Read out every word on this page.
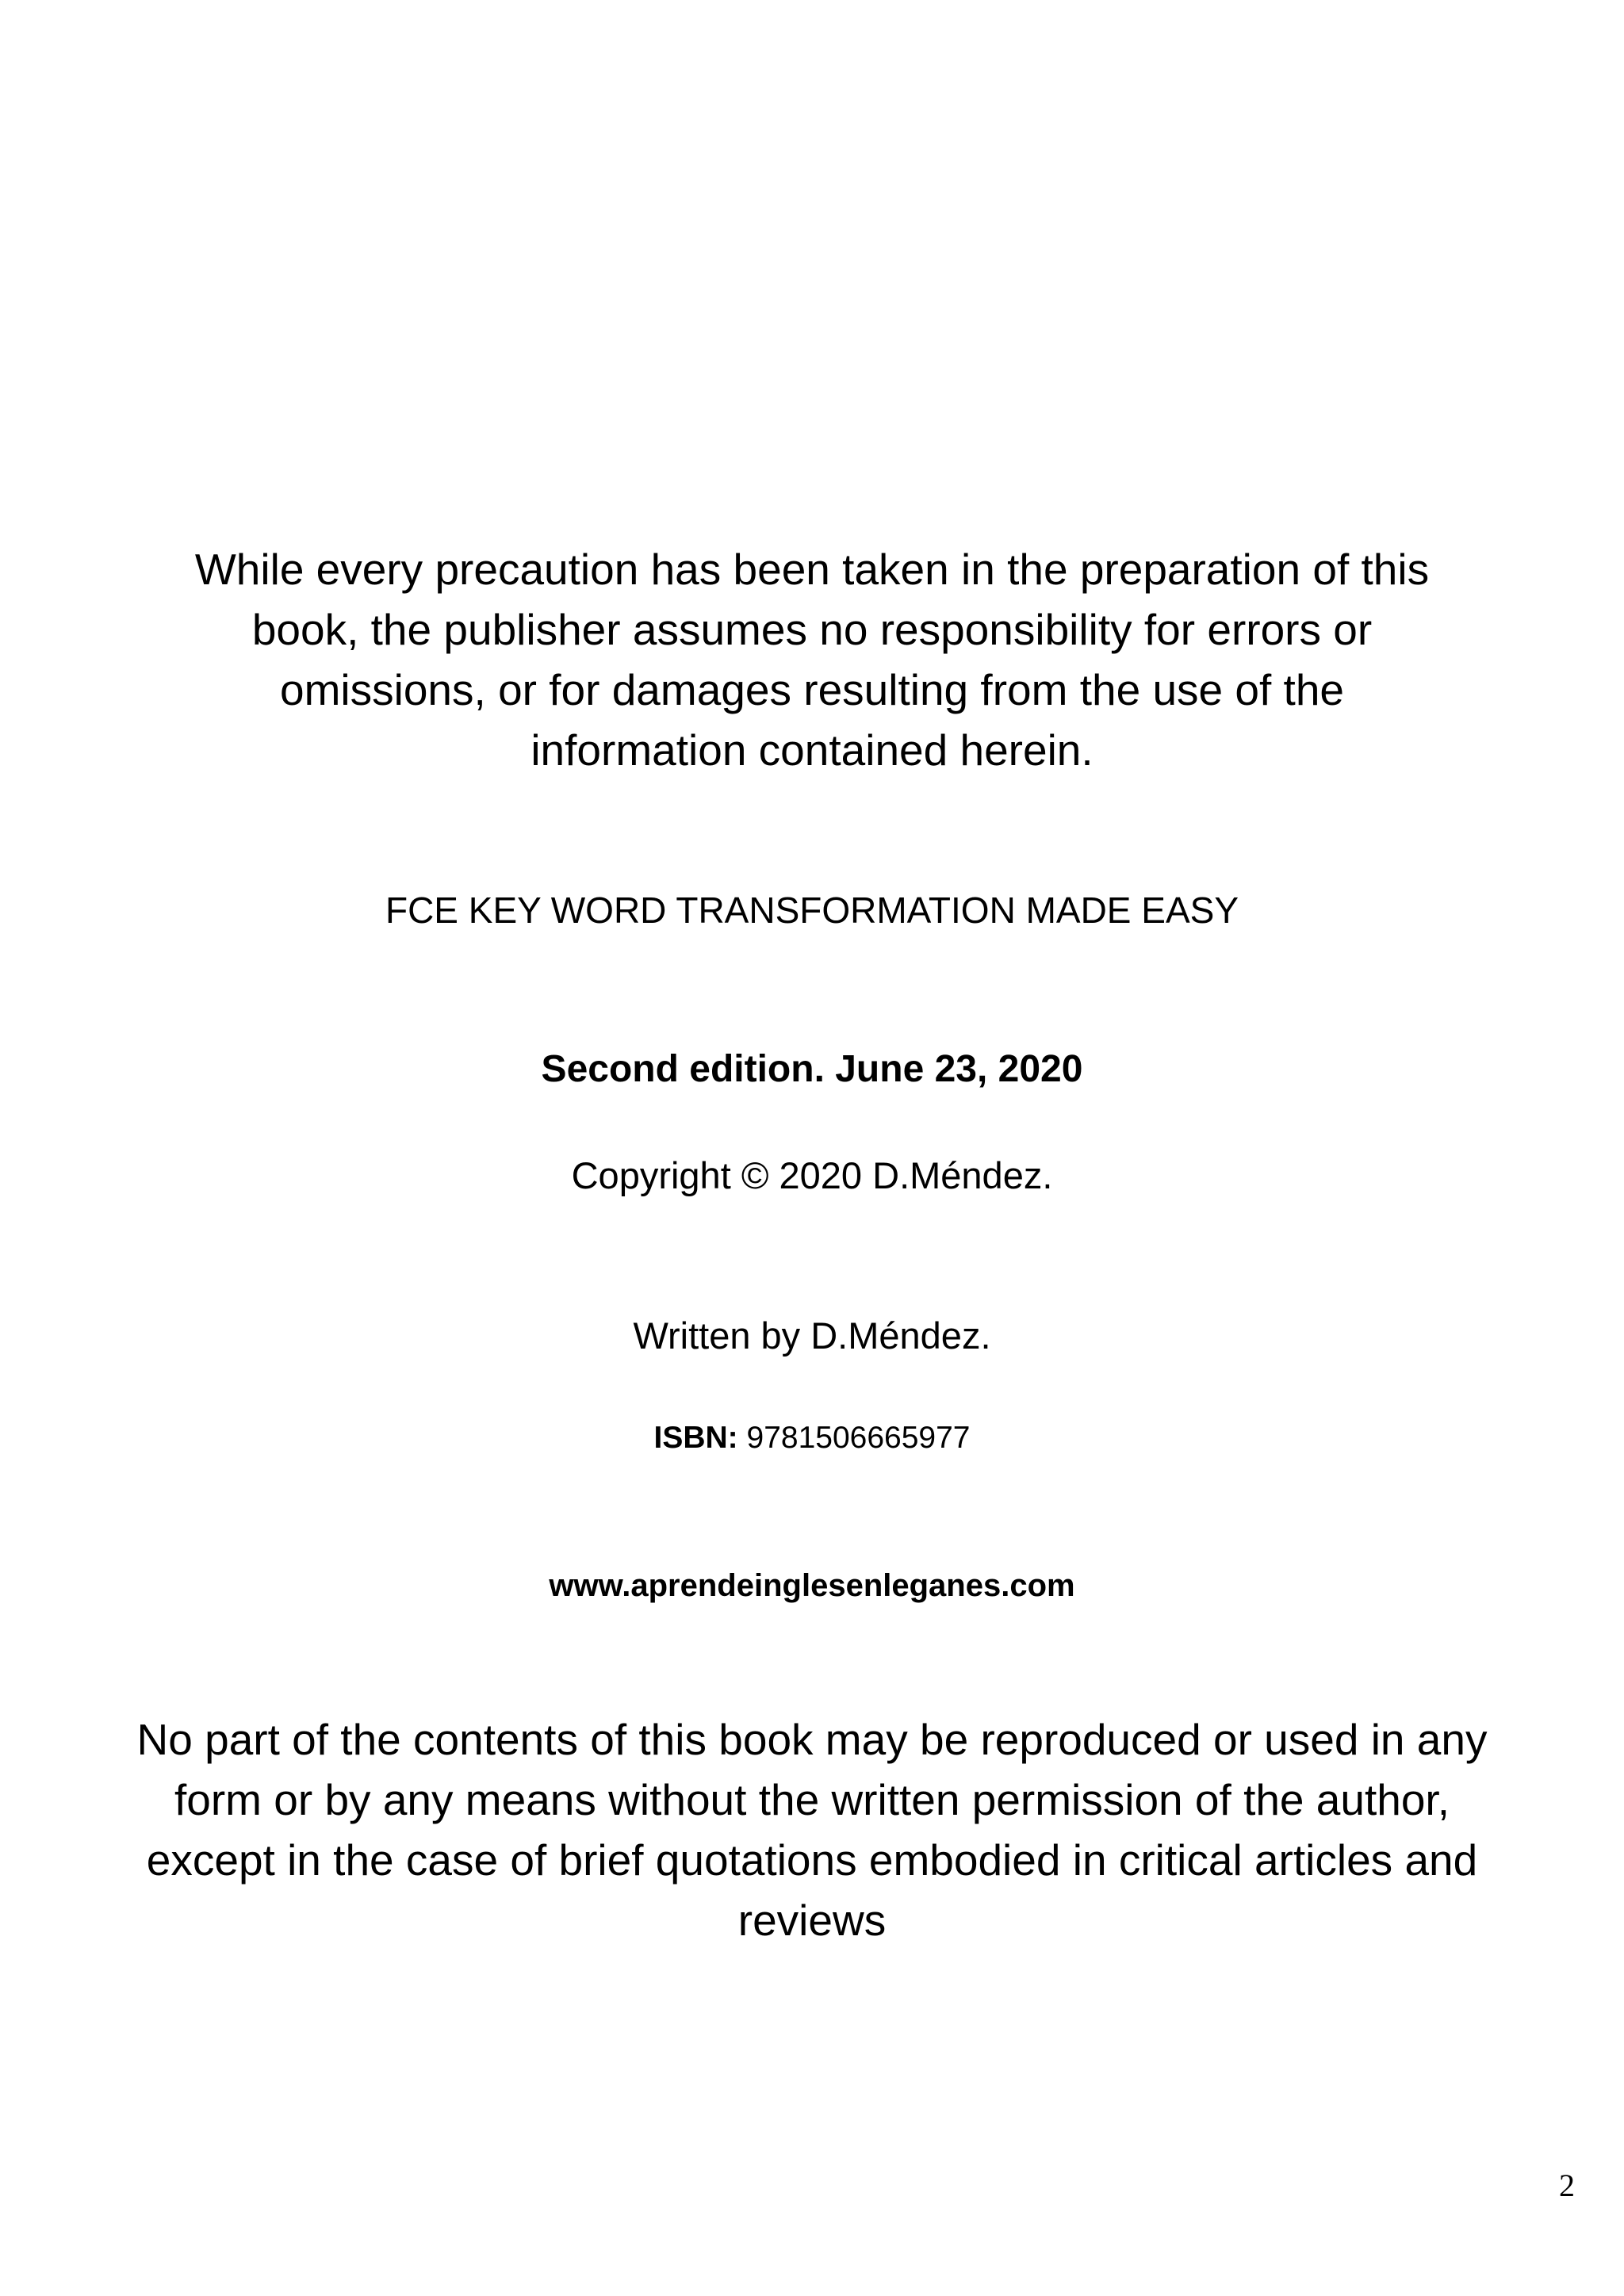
While every precaution has been taken in the preparation of this book, the publisher assumes no responsibility for errors or omissions, or for damages resulting from the use of the information contained herein.
FCE KEY WORD TRANSFORMATION MADE EASY
Second edition. June 23, 2020
Copyright © 2020 D.Méndez.
Written by D.Méndez.
ISBN: 9781506665977
www.aprendeinglesenleganes.com
No part of the contents of this book may be reproduced or used in any form or by any means without the written permission of the author, except in the case of brief quotations embodied in critical articles and reviews
2
